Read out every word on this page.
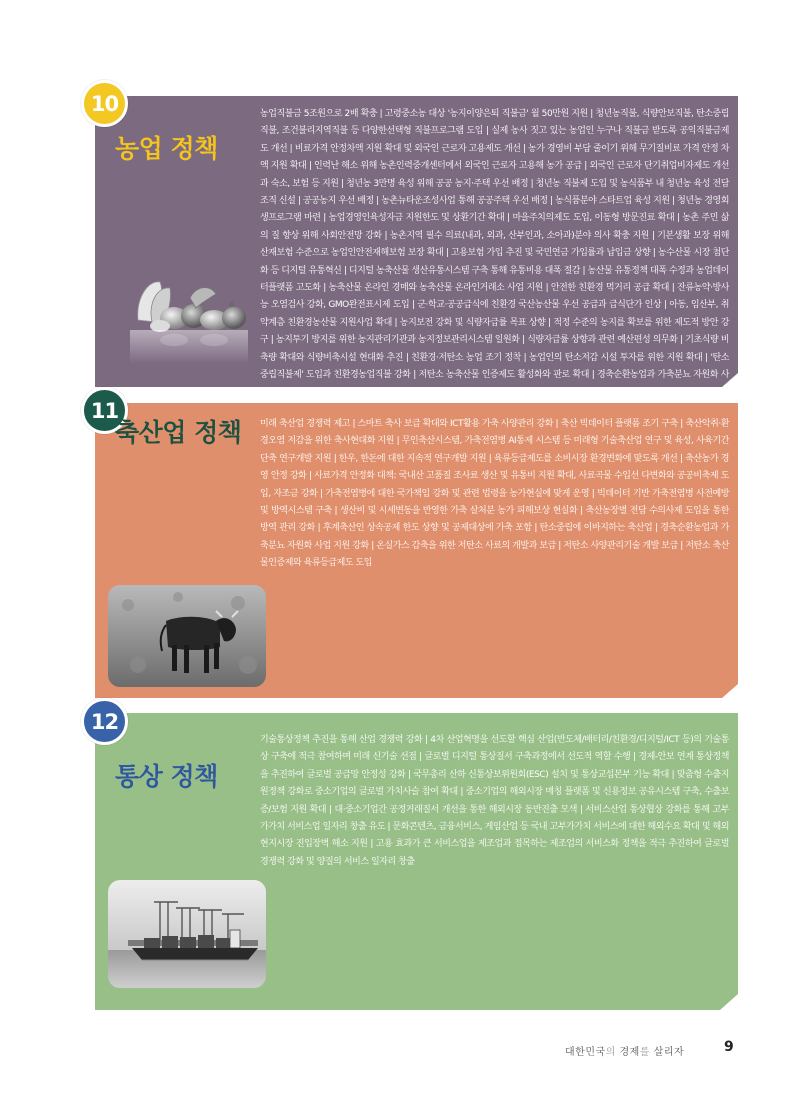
10
농업 정책

농업직불금 5조원으로 2배 확충 | 고령중소농 대상 '농지이양은퇴 직불금' 월 50만원 지원 | 청년농직불, 식량안보직불, 탄소중립직불, 조건불리지역직불 등 다양한선택형 직불프로그램 도입 | 실제 농사 짓고 있는 농업인 누구나 직불금 받도록 공익직불금제도 개선 | 비료가격 안정차액 지원 확대 및 외국인 근로자 고용제도 개선 | 농가 경영비 부담 줄이기 위해 무기질비료 가격 안정 차액 지원 확대 | 인력난 해소 위해 농촌인력중개센터에서 외국인 근로자 고용해 농가 공급 | 외국인 근로자 단기취업비자제도 개선과 숙소, 보험 등 지원 | 청년농 3만명 육성 위해 공공 농지·주택 우선 배정 | 청년농 직불제 도입 및 농식품부 내 청년농 육성 전담 조직 신설 | 공공농지 우선 배정 | 농촌뉴타운조성사업 통해 공공주택 우선 배정 | 농식품분야 스타트업 육성 지원 | 청년농 경영회생프로그램 마련 | 농업경영인육성자금 지원한도 및 상환기간 확대 | 마을주치의제도 도입, 이동형 방문진료 확대 | 농촌 주민 삶의 질 향상 위해 사회안전망 강화 | 농촌지역 필수 의료(내과, 외과, 산부인과, 소아과)분야 의사 확충 지원 | 기본생활 보장 위해 산재보험 수준으로 농업인안전재해보험 보장 확대 | 고용보험 가입 추진 및 국민연금 가입률과 납입금 상향 | 농수산물 시장 첨단화 등 디지털 유통혁신 | 디지털 농축산물 생산유통시스템 구축 통해 유통비용 대폭 절감 | 농산물 유통정책 대폭 수정과 농업데이터플랫폼 고도화 | 농축산물 온라인 경매와 농축산물 온라인거래소 사업 지원 | 안전한 친환경 먹거리 공급 확대 | 잔류농약·방사능 오염검사 강화, GMO완전표시제 도입 | 군·학교·공공급식에 친환경 국산농산물 우선 공급과 급식단가 인상 | 아동, 임산부, 취약계층 친환경농산물 지원사업 확대 | 농지보전 강화 및 식량자급률 목표 상향 | 적정 수준의 농지를 확보를 위한 제도적 방안 강구 | 농지투기 방지를 위한 농지관리기관과 농지정보관리시스템 일원화 | 식량자급률 상향과 관련 예산편성 의무화 | 기초식량 비축량 확대와 식량비축시설 현대화 추진 | 친환경·저탄소 농업 조기 정착 | 농업인의 탄소저감 시설 투자를 위한 지원 확대 | '탄소중립직불제' 도입과 친환경농업직불 강화 | 저탄소 농축산물 인증제도 활성화와 판로 확대 | 경축순환농업과 가축분뇨 자원화 사업 지원 강화 | 농산촌 태양광사업 종합가이드라인 수립 후 추진

11
축산업 정책 미래 축산업 경쟁력 제고 | 스마트 축사 보급 확대와 ICT활용 가축 사양관리 강화 | 축산 빅데이터 플랫폼 조기 구축 | 축산악취·환경오염 저감을 위한 축사현대화 지원 | 무인축산시스템, 가축전염병 AI통제 시스템 등 미래형 기술축산업 연구 및 육성, 사육기간 단축 연구개발 지원 | 한우, 한돈에 대한 지속적 연구개발 지원 | 육류등급제도를 소비시장 환경변화에 맞도록 개선 | 축산농가 경영 안정 강화 | 사료가격 안정화 대책: 국내산 고품질 조사료 생산 및 유통비 지원 확대, 사료곡물 수입선 다변화와 공공비축제 도입, 자조금 강화 | 가축전염병에 대한 국가책임 강화 및 관련 법령을 농가현실에 맞게 운영 | 빅데이터 기반 가축전염병 사전예방 및 방역시스템 구축 | 생산비 및 시세변동을 반영한 가축 살처분 농가 피해보상 현실화 | 축산농장별 전담 수의사제 도입을 통한 방역 관리 강화 | 후계축산인 상속공제 한도 상향 및 공제대상에 가축 포함 | 탄소중립에 이바지하는 축산업 | 경축순환농업과 가축분뇨 자원화 사업 지원 강화 | 온실가스 감축을 위한 저탄소 사료의 개발과 보급 | 저탄소 사양관리기술 개발 보급 | 저탄소 축산물인증제와 육류등급제도 도입

12
통상 정책

기술통상정책 추진을 통해 산업 경쟁력 강화 | 4차 산업혁명을 선도할 핵심 산업(반도체/배터리/친환경/디지털/ICT 등)의 기술통상 구축에 적극 참여하며 미래 신기술 선점 | 글로벌 디지털 통상질서 구축과정에서 선도적 역할 수행 | 경제-안보 연계 통상정책을 추진하여 글로벌 공급망 안정성 강화 | 국무총리 산하 신통상보위원회(ESC) 설치 및 통상교섭본부 기능 확대 | 맞춤형 수출지원정책 강화로 중소기업의 글로벌 가치사슬 참여 확대 | 중소기업의 해외시장 매칭 플랫폼 및 신용정보 공유시스템 구축, 수출보증/보험 지원 확대 | 대·중소기업간 공정거래질서 개선을 통한 해외시장 동반진출 모색 | 서비스산업 통상협상 강화를 통해 고부가가치 서비스업 일자리 창출 유도 | 문화콘텐츠, 금융서비스, 게임산업 등 국내 고부가가치 서비스에 대한 해외수요 확대 및 해외 현지시장 진입장벽 해소 지원 | 고용 효과가 큰 서비스업을 제조업과 접목하는 제조업의 서비스화 정책을 적극 추진하여 글로벌 경쟁력 강화 및 양질의 서비스 일자리 창출

대한민국의 경제를 살리자	9
